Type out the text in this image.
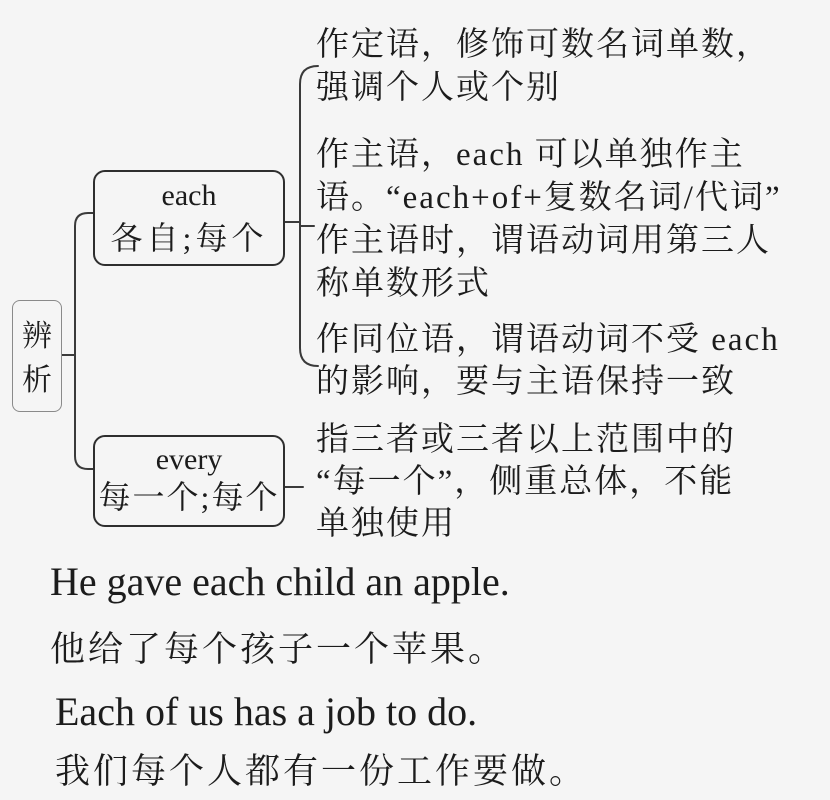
辨析
each
各自;每个
作定语，修饰可数名词单数，
强调个人或个别
作主语，each 可以单独作主
语。“each+of+复数名词/代词”
作主语时，谓语动词用第三人
称单数形式
作同位语，谓语动词不受 each
的影响，要与主语保持一致
every
每一个;每个
指三者或三者以上范围中的
“每一个”，侧重总体，不能
单独使用
He gave each child an apple.
他给了每个孩子一个苹果。
Each of us has a job to do.
我们每个人都有一份工作要做。
